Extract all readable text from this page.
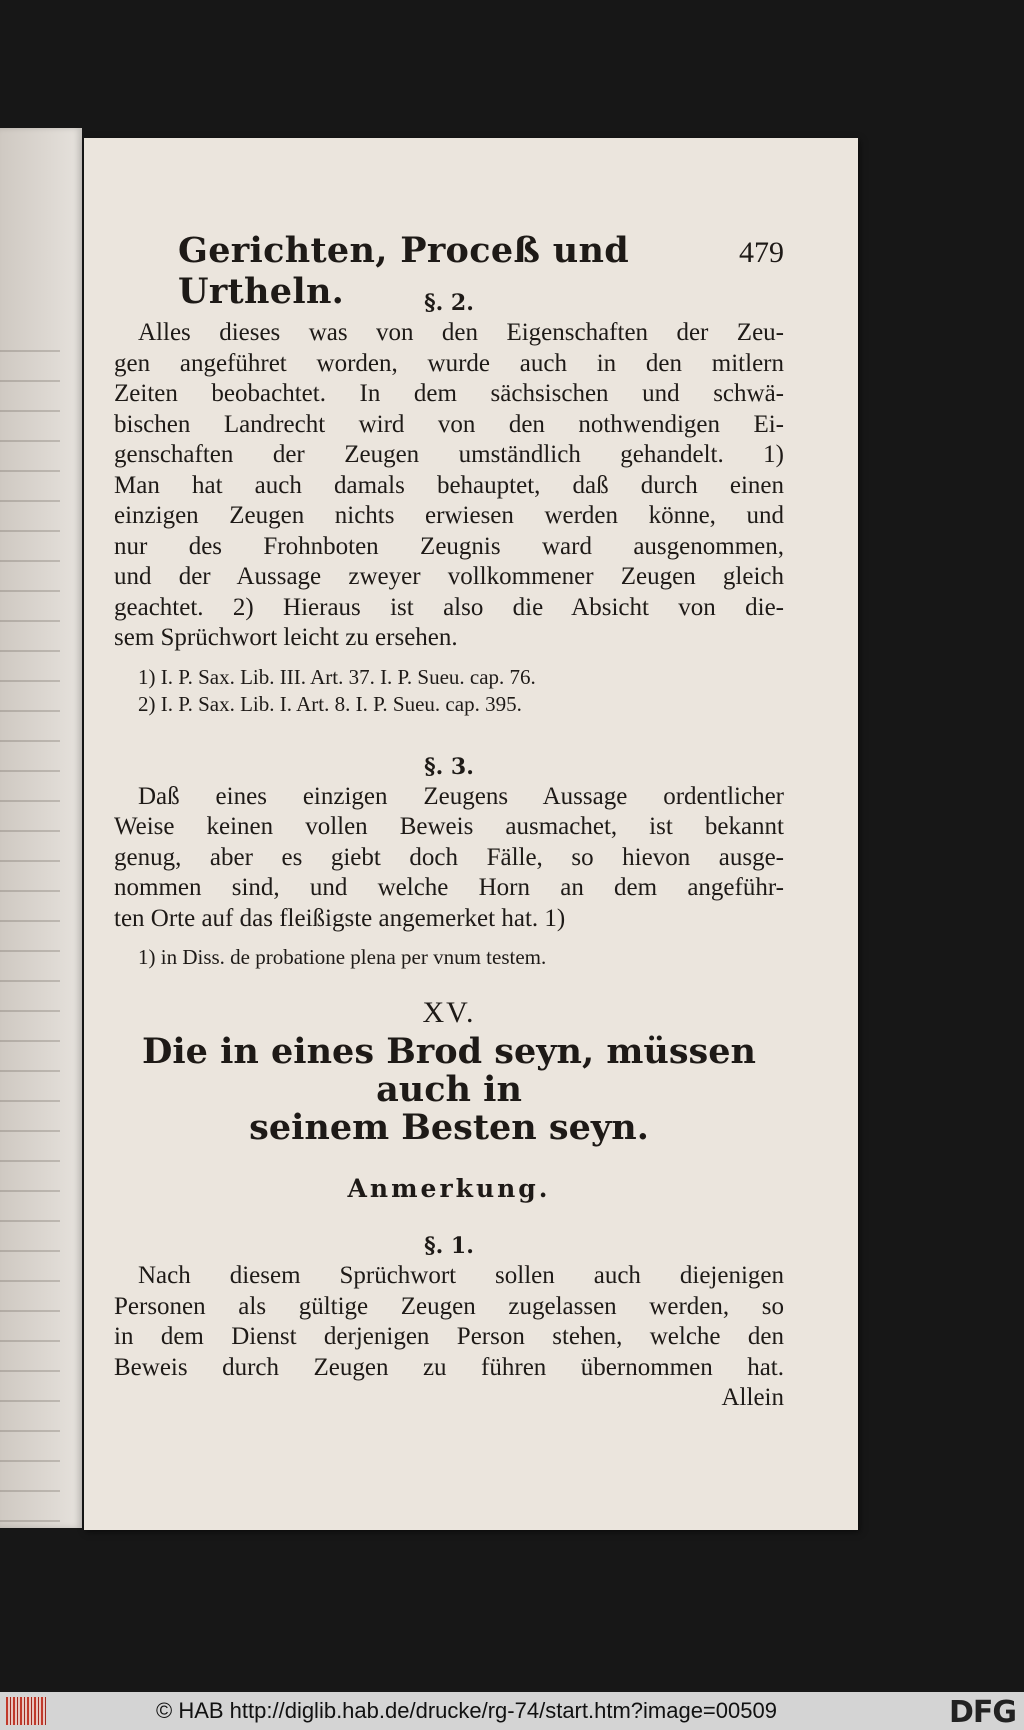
Gerichten, Proceß und Urtheln.
479

§. 2.

Alles dieses was von den Eigenschaften der Zeu-

gen angeführet worden, wurde auch in den mitlern

Zeiten beobachtet. In dem sächsischen und schwä-

bischen Landrecht wird von den nothwendigen Ei-

genschaften der Zeugen umständlich gehandelt. 1)

Man hat auch damals behauptet, daß durch einen

einzigen Zeugen nichts erwiesen werden könne, und

nur des Frohnboten Zeugnis ward ausgenommen,

und der Aussage zweyer vollkommener Zeugen gleich

geachtet. 2) Hieraus ist also die Absicht von die-

sem Sprüchwort leicht zu ersehen.

1) I. P. Sax. Lib. III. Art. 37. I. P. Sueu. cap. 76.

2) I. P. Sax. Lib. I. Art. 8. I. P. Sueu. cap. 395.

§. 3.

Daß eines einzigen Zeugens Aussage ordentlicher

Weise keinen vollen Beweis ausmachet, ist bekannt

genug, aber es giebt doch Fälle, so hievon ausge-

nommen sind, und welche Horn an dem angeführ-

ten Orte auf das fleißigste angemerket hat. 1)

1) in Diss. de probatione plena per vnum testem.

XV.

Die in eines Brod seyn, müssen auch in

seinem Besten seyn.

Anmerkung.

§. 1.

Nach diesem Sprüchwort sollen auch diejenigen

Personen als gültige Zeugen zugelassen werden, so

in dem Dienst derjenigen Person stehen, welche den

Beweis durch Zeugen zu führen übernommen hat.

Allein

© HAB http://diglib.hab.de/drucke/rg-74/start.htm?image=00509	DFG
